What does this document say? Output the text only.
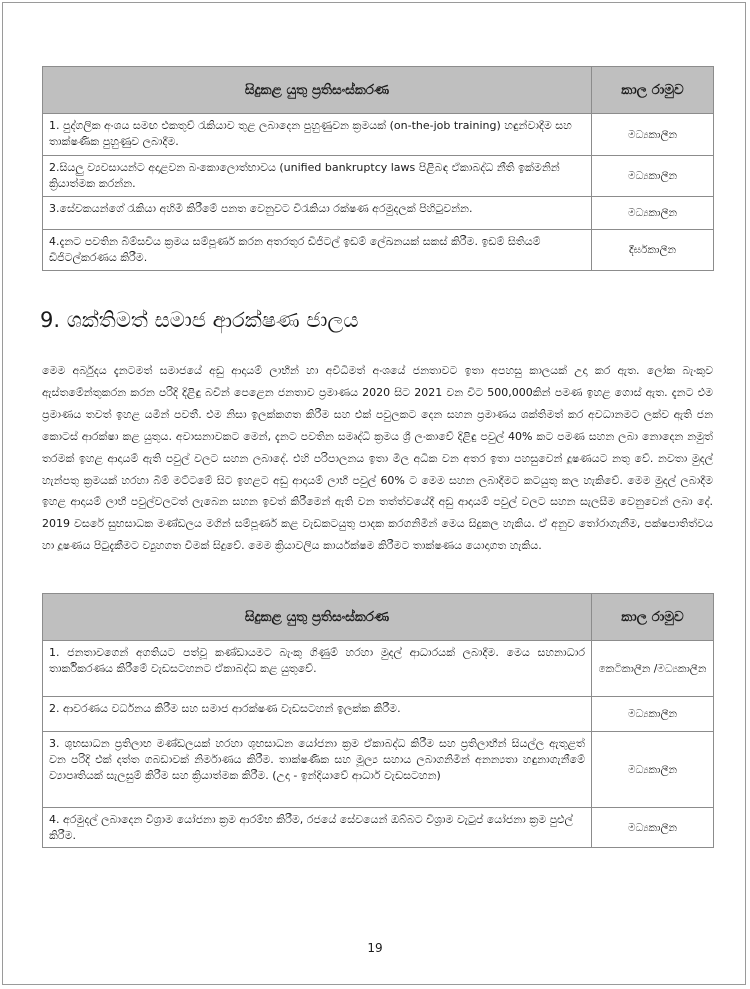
සිදුකළ යුතු ප්‍රතිසංස්කරණ	කාල රාමුව
1. පුද්ගලික අංශය සමඟ එකතුව් රැකියාව තුළ ලබාදෙන පුහුණුවන ක්‍රමයක් (on-the-job training) හඳුන්වාදීම සහ තාක්ෂණික පුහුණුව ලබාදීම.	මධ්‍යකාලීන
2.සියලු ව්‍යවසායන්ට අදාළවන බංකොලොත්භාවය (unified bankruptcy laws පිළිබඳ ඒකාබද්ධ නීති ඉක්මනින් ක්‍රියාත්මක කරන්න.	මධ්‍යකාලීන
3.සේවකයන්ගේ රැකියා අහිමි කිරීමේ පනත වෙනුවට විරැකියා රක්ෂණ අරමුදලක් පිහිටුවන්න.	මධ්‍යකාලීන
4.දැනට පවතින බිම්සවිය ක්‍රමය සම්පූර්ණ කරන අතරතුර ඩිජිටල් ඉඩම් ලේඛනයක් සකස් කිරීම. ඉඩම් සිතියම් ඩිජිටල්කරණය කිරීම.	දීර්ඝකාලීන
9. ශක්තිමත් සමාජ ආරක්ෂණ ජාලය

මෙම අර්බුදය දැනටමත් සමාජයේ අඩු ආදායම් ලාභීන් හා අවිධිමත් අංශයේ ජනතාවට ඉතා අපහසු කාලයක් උදා කර ඇත. ලෝක බැංකුව ඇස්තමේන්තුකරන කරන පරිදි දිළිඳු බවින් පෙළෙන ජනතාව ප්‍රමාණය 2020 සිට 2021 වන විට 500,000කින් පමණ ඉහළ ගොස් ඇත. දැනට එම ප්‍රමාණය තවත් ඉහළ යමින් පවතී. එම නිසා ඉලක්කගත කිරීම සහ එක් පවුලකට දෙන සහන ප්‍රමාණය ශක්තිමත් කර අවධානමට ලක්ව ඇති ජන කොටස් ආරක්ෂා කළ යුතුය. අවාසනාවකට මෙන්, දැනට පවතින සමෘද්ධි ක්‍රමය ශ්‍රී ලංකාවේ දිළිඳු පවුල් 40% කට පමණ සහන ලබා නොදෙන නමුත් තරමක් ඉහළ ආදායම් ඇති පවුල් වලට සහන ලබාදේ. එහි පරිපාලනය ඉතා මිල අධික වන අතර ඉතා පහසුවෙන් දූෂණයට නතු වේ. නවතා මුදල් හැන්පතු ක්‍රමයක් හරහා බිම් මට්ටමේ සිට ඉහළට අඩු ආදායම් ලාභී පවුල් 60% ට මෙම සහන ලබාදීමට කටයුතු කල හැකිවේ. මෙම මුදල් ලබාදීම ඉහළ ආදායම් ලාභී පවුල්වලටත් ලැබෙන සහන ඉවත් කිරීමෙන් ඇති වන තත්ත්වයේදී අඩු ආදායම් පවුල් වලට සහන සැලසීම වෙනුවෙන් ලබා දේ. 2019 වසරේ සුභසාධක මණ්ඩලය මගින් සම්පූර්ණ කළ වැඩකටයුතු පාදක කරගනිමින් මෙය සිදුකල හැකිය. ඒ අනුව තෝරාගැනීම, පක්ෂපාතිත්වය හා දූෂණය පිටුදැකීමට ව්‍යුහගත විමක් සිදුවේ. මෙම ක්‍රියාවලිය කාර්යක්ෂම කිරීමට තාක්ෂණය යොදාගත හැකිය.

සිදුකළ යුතු ප්‍රතිසංස්කරණ	කාල රාමුව
1. ජනතාවගෙන් අගතියට පත්වූ කණ්ඩායමට බැංකු ගිණුම් හරහා මුදල් ආධාරයක් ලබාදීම. මෙය සහනාධාර තාර්කිකරණය කිරීමේ වැඩසටහනට ඒකාබද්ධ කළ යුතුවේ.	කෙටිකාලීන /මධ්‍යකාලීන
2. ආවරණය වර්ධනය කිරීම සහ සමාජ ආරක්ෂණ වැඩසටහන් ඉලක්ක කිරීම.	මධ්‍යකාලීන
3. ශුභසාධන ප්‍රතිලාභ මණ්ඩලයක් හරහා ශුභසාධන යෝජනා ක්‍රම ඒකාබද්ධ කිරීම සහ ප්‍රතිලාභීන් සියල්ල ඇතුළත් වන පරිදි එක් දත්ත ගබඩාවක් නිර්මාණය කිරීම. තාක්ෂණික සහ මූල්‍ය සහාය ලබාගනිමින් අනන්‍යතා හඳුනාගැනීමේ ව්‍යාපෘතියක් සැලසුම් කිරීම සහ ක්‍රියාත්මක කිරීම. (උදා - ඉන්දියාවේ ආධාර් වැඩසටහන)	මධ්‍යකාලීන
4. අරමුදල් ලබාදෙන විශ්‍රාම යෝජනා ක්‍රම ආරම්භ කිරීම, රජයේ සේවයෙන් ඔබ්බට විශ්‍රාම වැටුප් යෝජනා ක්‍රම පුළුල් කිරීම.	මධ්‍යකාලීන
19
